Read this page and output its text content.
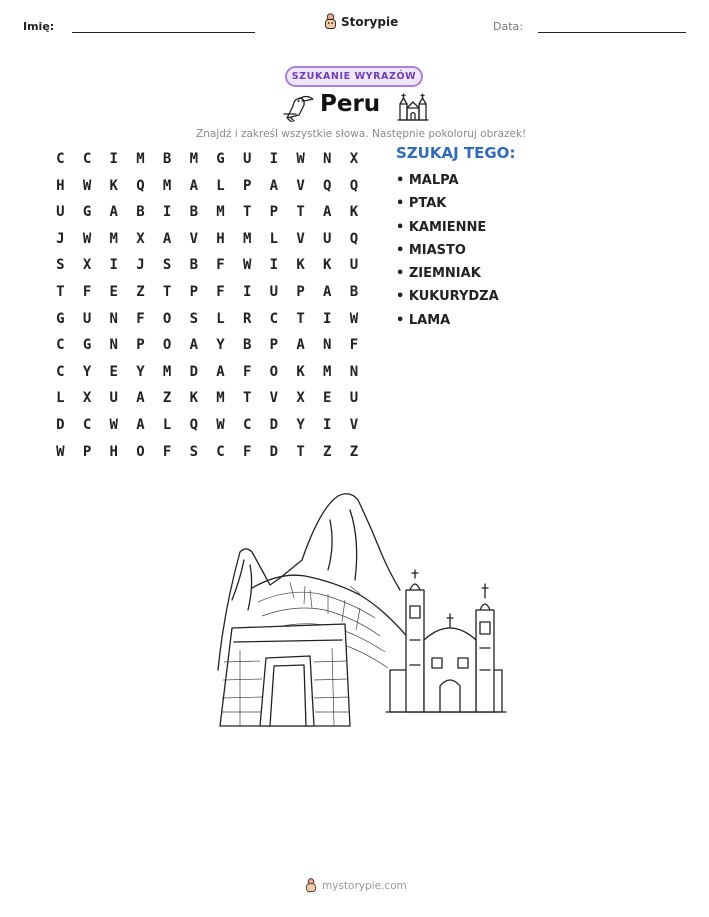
Imię:	Storypie	Data:
SZUKANIE WYRAZÓW
Peru
Znajdź i zakreśl wszystkie słowa. Następnie pokoloruj obrazek!
C	C	I	M	B	M	G	U	I	W	N	X
H	W	K	Q	M	A	L	P	A	V	Q	Q
U	G	A	B	I	B	M	T	P	T	A	K
J	W	M	X	A	V	H	M	L	V	U	Q
S	X	I	J	S	B	F	W	I	K	K	U
T	F	E	Z	T	P	F	I	U	P	A	B
G	U	N	F	O	S	L	R	C	T	I	W
C	G	N	P	O	A	Y	B	P	A	N	F
C	Y	E	Y	M	D	A	F	O	K	M	N
L	X	U	A	Z	K	M	T	V	X	E	U
D	C	W	A	L	Q	W	C	D	Y	I	V
W	P	H	O	F	S	C	F	D	T	Z	Z
SZUKAJ TEGO:
• MALPA
• PTAK
• KAMIENNE
• MIASTO
• ZIEMNIAK
• KUKURYDZA
• LAMA
mystorypie.com
